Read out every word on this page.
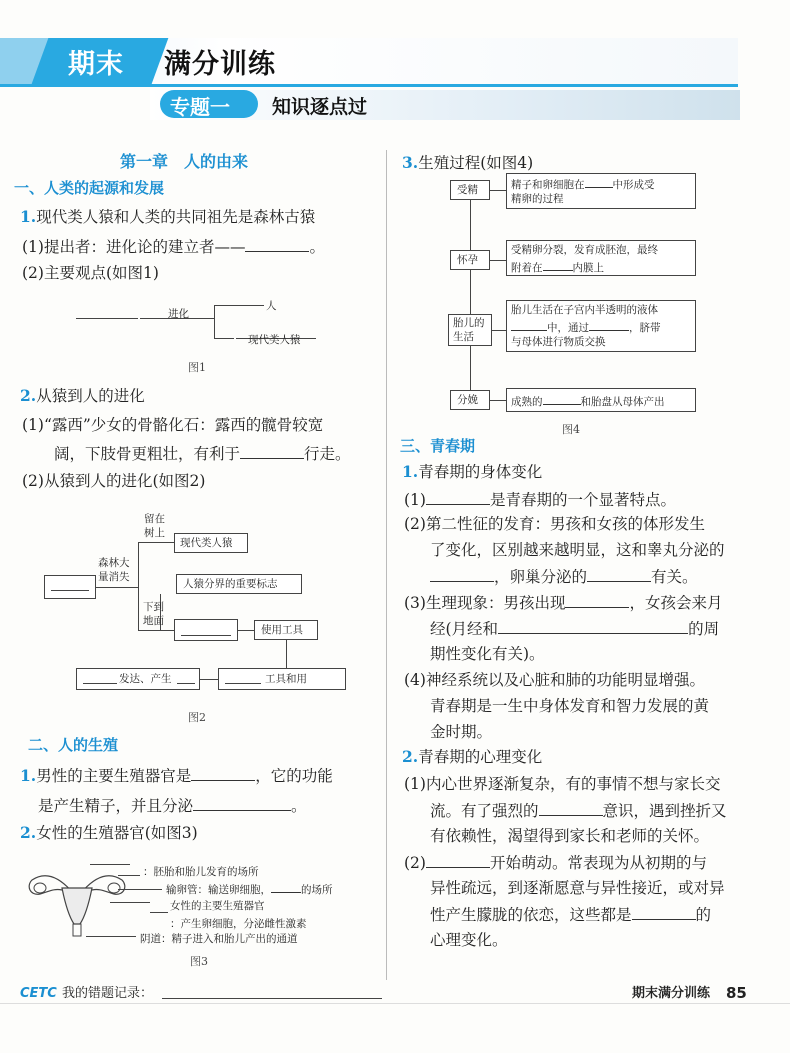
期末 满分训练
专题一 知识逐点过
第一章　人的由来
一、人类的起源和发展
1.现代类人猿和人类的共同祖先是森林古猿
(1)提出者：进化论的建立者——	。
(2)主要观点(如图1)
进化
人
现代类人猿
图1
2.从猿到人的进化
(1)“露西”少女的骨骼化石：露西的髋骨较宽
阔，下肢骨更粗壮，有利于	行走。
(2)从猿到人的进化(如图2)
森林大
量消失
留在
树上
现代类人猿
人猿分界的重要标志
下到
地面
使用工具
工具和用
发达、产生
图2
二、人的生殖
1.男性的主要生殖器官是	，它的功能
是产生精子，并且分泌	。
2.女性的生殖器官(如图3)
：胚胎和胎儿发育的场所
输卵管：输送卵细胞，	的场所
女性的主要生殖器官
：产生卵细胞，分泌雌性激素
阴道：精子进入和胎儿产出的通道
图3
3.生殖过程(如图4)
受精	精子和卵细胞在	中形成受
精卵的过程
怀孕
受精卵分裂，发育成胚泡，最终
附着在	内膜上
胎儿的
生活
胎儿生活在子宫内半透明的液体
中，通过	，脐带
与母体进行物质交换
分娩	成熟的	和胎盘从母体产出
图4
三、青春期
1.青春期的身体变化
(1)	是青春期的一个显著特点。
(2)第二性征的发育：男孩和女孩的体形发生
了变化，区别越来越明显，这和睾丸分泌的
，卵巢分泌的	有关。
(3)生理现象：男孩出现	，女孩会来月
经(月经和	的周
期性变化有关)。
(4)神经系统以及心脏和肺的功能明显增强。
青春期是一生中身体发育和智力发展的黄
金时期。
2.青春期的心理变化
(1)内心世界逐渐复杂，有的事情不想与家长交
流。有了强烈的	意识，遇到挫折又
有依赖性，渴望得到家长和老师的关怀。
(2)	开始萌动。常表现为从初期的与
异性疏远，到逐渐愿意与异性接近，或对异
性产生朦胧的依恋，这些都是	的
心理变化。
CETC 我的错题记录：	期末满分训练 85
